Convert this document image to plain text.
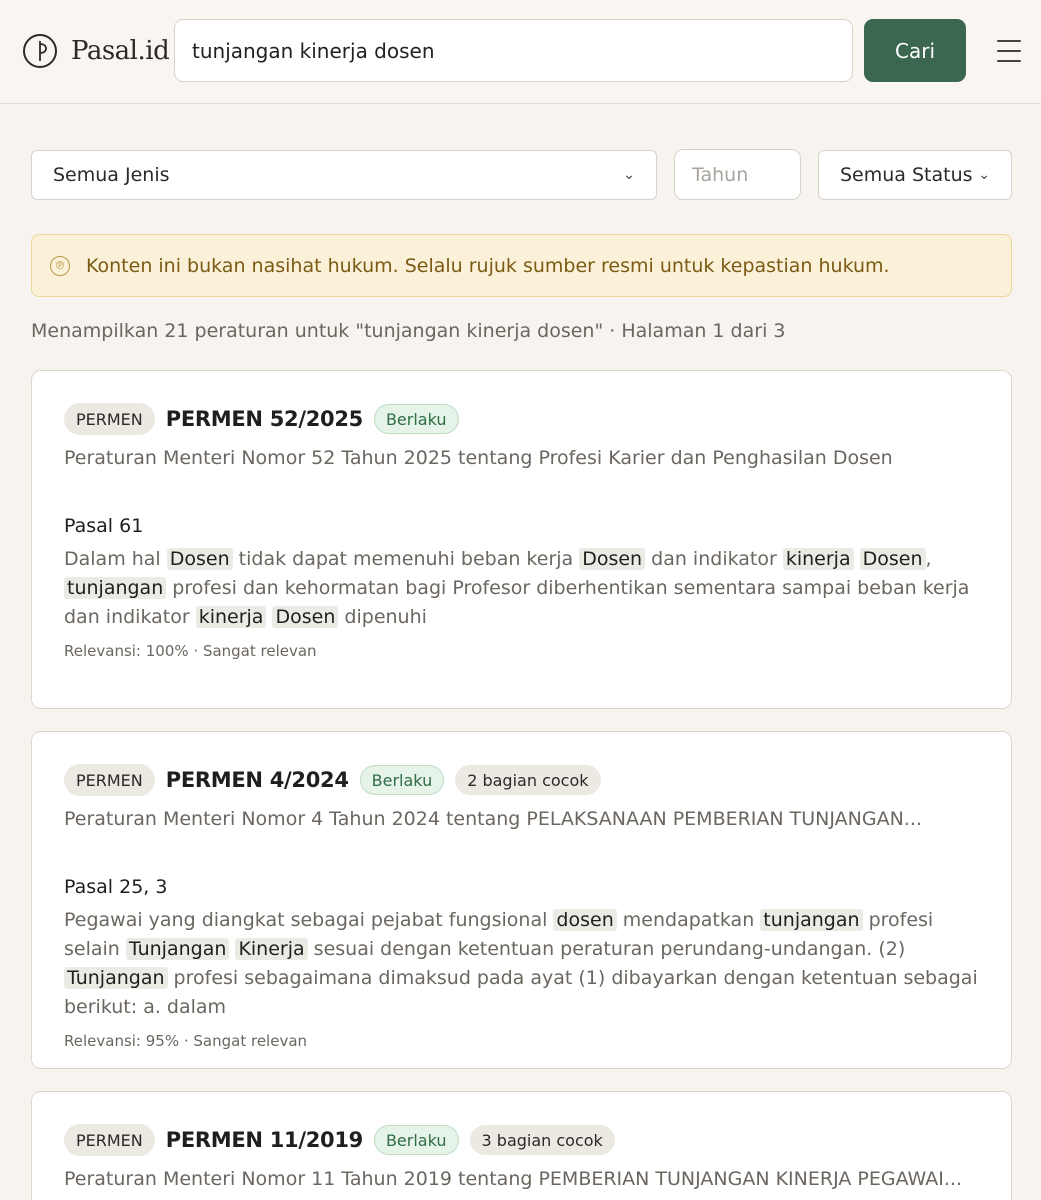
Pasal.id
tunjangan kinerja dosen	Cari
Semua Jenis	⌄
Tahun	Semua Status ⌄
℗ Konten ini bukan nasihat hukum. Selalu rujuk sumber resmi untuk kepastian hukum.
Menampilkan 21 peraturan untuk "tunjangan kinerja dosen" · Halaman 1 dari 3
PERMEN	PERMEN 52/2025	Berlaku
Peraturan Menteri Nomor 52 Tahun 2025 tentang Profesi Karier dan Penghasilan Dosen
Pasal 61
Dalam hal Dosen tidak dapat memenuhi beban kerja Dosen dan indikator kinerja Dosen , tunjangan profesi dan kehormatan bagi Profesor diberhentikan sementara sampai beban kerja dan indikator kinerja Dosen dipenuhi
Relevansi: 100% · Sangat relevan
PERMEN	PERMEN 4/2024	Berlaku	2 bagian cocok
Peraturan Menteri Nomor 4 Tahun 2024 tentang PELAKSANAAN PEMBERIAN TUNJANGAN...
Pasal 25, 3
Pegawai yang diangkat sebagai pejabat fungsional dosen mendapatkan tunjangan profesi selain Tunjangan Kinerja sesuai dengan ketentuan peraturan perundang-undangan. (2) Tunjangan profesi sebagaimana dimaksud pada ayat (1) dibayarkan dengan ketentuan sebagai berikut: a. dalam
Relevansi: 95% · Sangat relevan
PERMEN	PERMEN 11/2019	Berlaku	3 bagian cocok
Peraturan Menteri Nomor 11 Tahun 2019 tentang PEMBERIAN TUNJANGAN KINERJA PEGAWAI...
